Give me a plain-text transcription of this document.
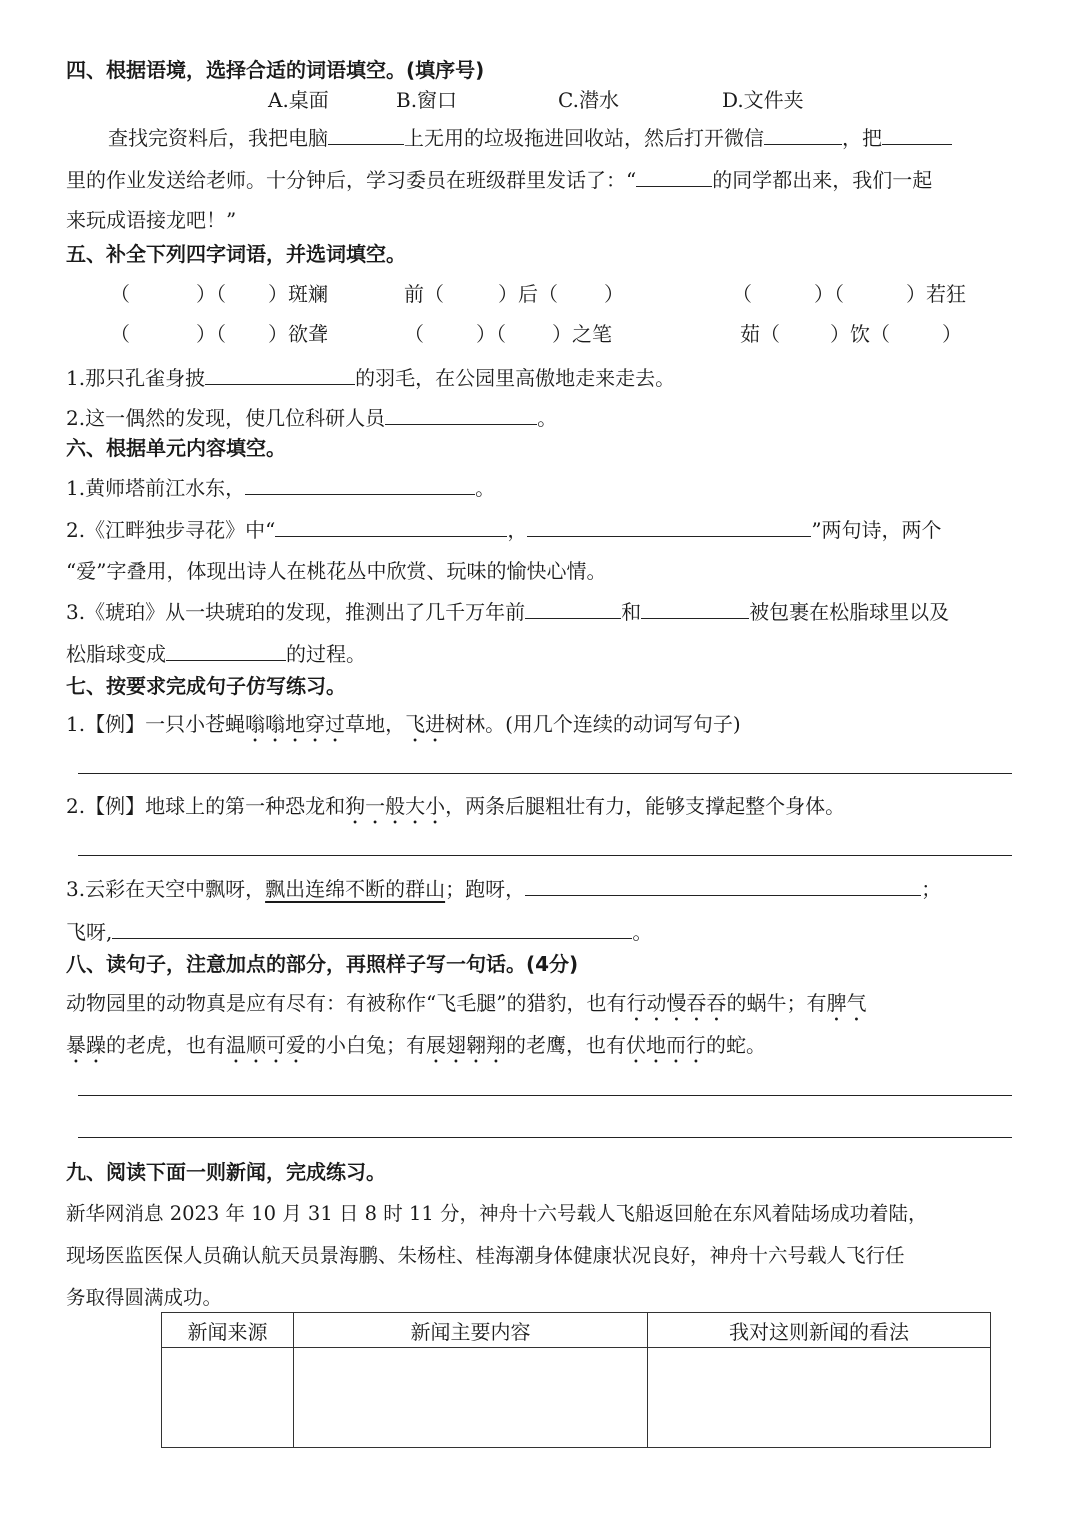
四、根据语境，选择合适的词语填空。(填序号)
A.桌面	B.窗口	C.潜水	D.文件夹
查找完资料后，我把电脑	上无用的垃圾拖进回收站，然后打开微信	，把
里的作业发送给老师。十分钟后，学习委员在班级群里发话了：“	的同学都出来，我们一起
来玩成语接龙吧！”
五、补全下列四字词语，并选词填空。
（	）（ ）斑斓	前（	）后（ ）	（	）（	）若狂
（	）（ ）欲聋	（	）（ ）之笔	茹（	）饮（	）
1.那只孔雀身披	的羽毛，在公园里高傲地走来走去。
2.这一偶然的发现，使几位科研人员	。
六、根据单元内容填空。
1.黄师塔前江水东，	。
2.《江畔独步寻花》中“	，	”两句诗，两个
“爱”字叠用，体现出诗人在桃花丛中欣赏、玩味的愉快心情。
3.《琥珀》从一块琥珀的发现，推测出了几千万年前	和	被包裹在松脂球里以及
松脂球变成	的过程。
七、按要求完成句子仿写练习。
1.【例】一只小苍蝇嗡嗡地穿过草地，飞进树林。(用几个连续的动词写句子)
2.【例】地球上的第一种恐龙和狗一般大小，两条后腿粗壮有力，能够支撑起整个身体。
3.云彩在天空中飘呀，飘出连绵不断的群山；跑呀，	；
飞呀,	。
八、读句子，注意加点的部分，再照样子写一句话。(4分)
动物园里的动物真是应有尽有：有被称作“飞毛腿”的猎豹，也有行动慢吞吞的蜗牛；有脾气
暴躁的老虎，也有温顺可爱的小白兔；有展翅翱翔的老鹰，也有伏地而行的蛇。
九、阅读下面一则新闻，完成练习。
新华网消息 2023 年 10 月 31 日 8 时 11 分，神舟十六号载人飞船返回舱在东风着陆场成功着陆，
现场医监医保人员确认航天员景海鹏、朱杨柱、桂海潮身体健康状况良好，神舟十六号载人飞行任
务取得圆满成功。
新闻来源	新闻主要内容	我对这则新闻的看法
